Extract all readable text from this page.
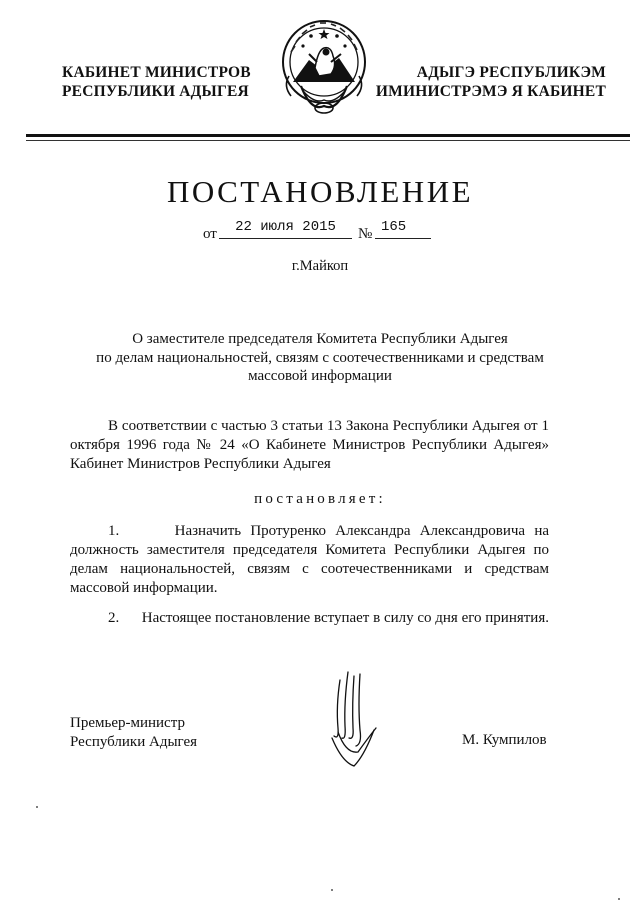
КАБИНЕТ МИНИСТРОВ
РЕСПУБЛИКИ АДЫГЕЯ
АДЫГЭ РЕСПУБЛИКЭМ
ИМИНИСТРЭМЭ Я КАБИНЕТ
ПОСТАНОВЛЕНИЕ
от	22 июля 2015	№ 165
г.Майкоп
О заместителе председателя Комитета Республики Адыгея
по делам национальностей, связям с соотечественниками и средствам
массовой информации
В соответствии с частью 3 статьи 13 Закона Республики Адыгея от 1 октября 1996 года № 24 «О Кабинете Министров Республики Адыгея» Кабинет Министров Республики Адыгея
постановляет:
1.      Назначить Протуренко Александра Александровича на должность заместителя председателя Комитета Республики Адыгея по делам национальностей, связям с соотечественниками и средствам массовой информации.
2.      Настоящее постановление вступает в силу со дня его принятия.
Премьер-министр
Республики Адыгея	М. Кумпилов
